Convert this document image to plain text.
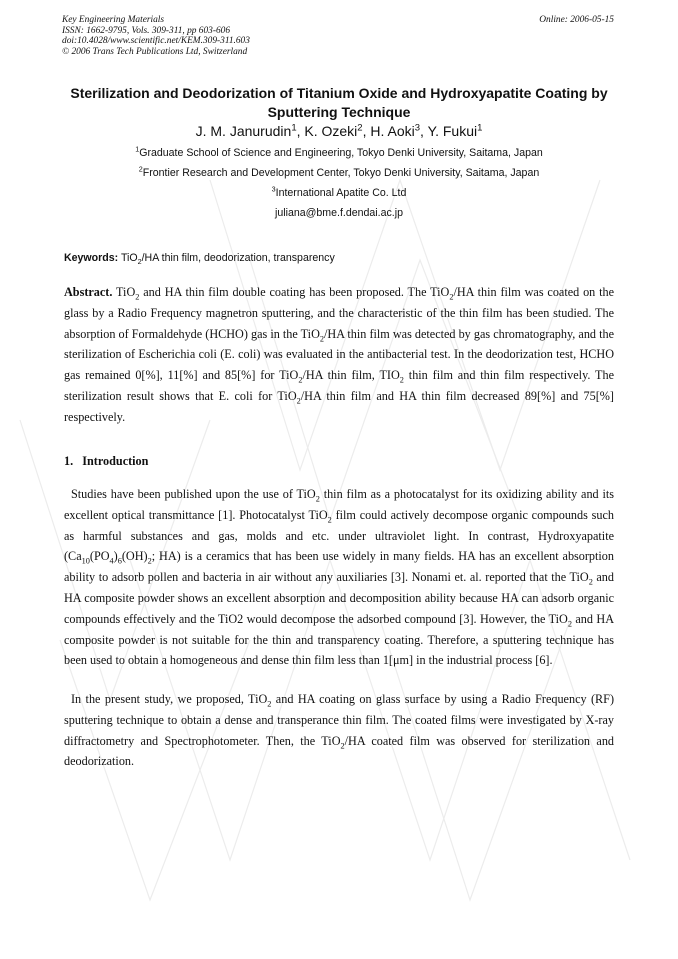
Key Engineering Materials
ISSN: 1662-9795, Vols. 309-311, pp 603-606
doi:10.4028/www.scientific.net/KEM.309-311.603
© 2006 Trans Tech Publications Ltd, Switzerland
Online: 2006-05-15
Sterilization and Deodorization of Titanium Oxide and Hydroxyapatite Coating by Sputtering Technique
J. M. Janurudin$^1$, K. Ozeki$^2$, H. Aoki$^3$, Y. Fukui$^1$
$^1$Graduate School of Science and Engineering, Tokyo Denki University, Saitama, Japan
$^2$Frontier Research and Development Center, Tokyo Denki University, Saitama, Japan
$^3$International Apatite Co. Ltd
juliana@bme.f.dendai.ac.jp
Keywords: TiO$_2$/HA thin film, deodorization, transparency

Abstract. TiO$_2$ and HA thin film double coating has been proposed. The TiO$_2$/HA thin film was coated on the glass by a Radio Frequency magnetron sputtering, and the characteristic of the thin film has been studied. The absorption of Formaldehyde (HCHO) gas in the TiO$_2$/HA thin film was detected by gas chromatography, and the sterilization of Escherichia coli (E. coli) was evaluated in the antibacterial test. In the deodorization test, HCHO gas remained 0[%], 11[%] and 85[%] for TiO$_2$/HA thin film, $TIO_2$ thin film and thin film respectively. The sterilization result shows that E. coli for TiO$_2$/HA thin film and HA thin film decreased 89[%] and 75[%] respectively.

1. Introduction

Studies have been published upon the use of TiO$_2$ thin film as a photocatalyst for its oxidizing ability and its excellent optical transmittance [1]. Photocatalyst TiO$_2$ film could actively decompose organic compounds such as harmful substances and gas, molds and etc. under ultraviolet light. In contrast, Hydroxyapatite ($Ca_{10}(PO_4)_6(OH)_2$; HA) is a ceramics that has been use widely in many fields. HA has an excellent absorption ability to adsorb pollen and bacteria in air without any auxiliaries [3]. Nonami et. al. reported that the TiO$_2$ and HA composite powder shows an excellent absorption and decomposition ability because HA can adsorb organic compounds effectively and the TiO2 would decompose the adsorbed compound [3]. However, the TiO$_2$ and HA composite powder is not suitable for the thin and transparency coating. Therefore, a sputtering technique has been used to obtain a homogeneous and dense thin film less than 1[μm] in the industrial process [6].

In the present study, we proposed, TiO$_2$ and HA coating on glass surface by using a Radio Frequency (RF) sputtering technique to obtain a dense and transperance thin film. The coated films were investigated by X-ray diffractometry and Spectrophotometer. Then, the TiO$_2$/HA coated film was observed for sterilization and deodorization.
